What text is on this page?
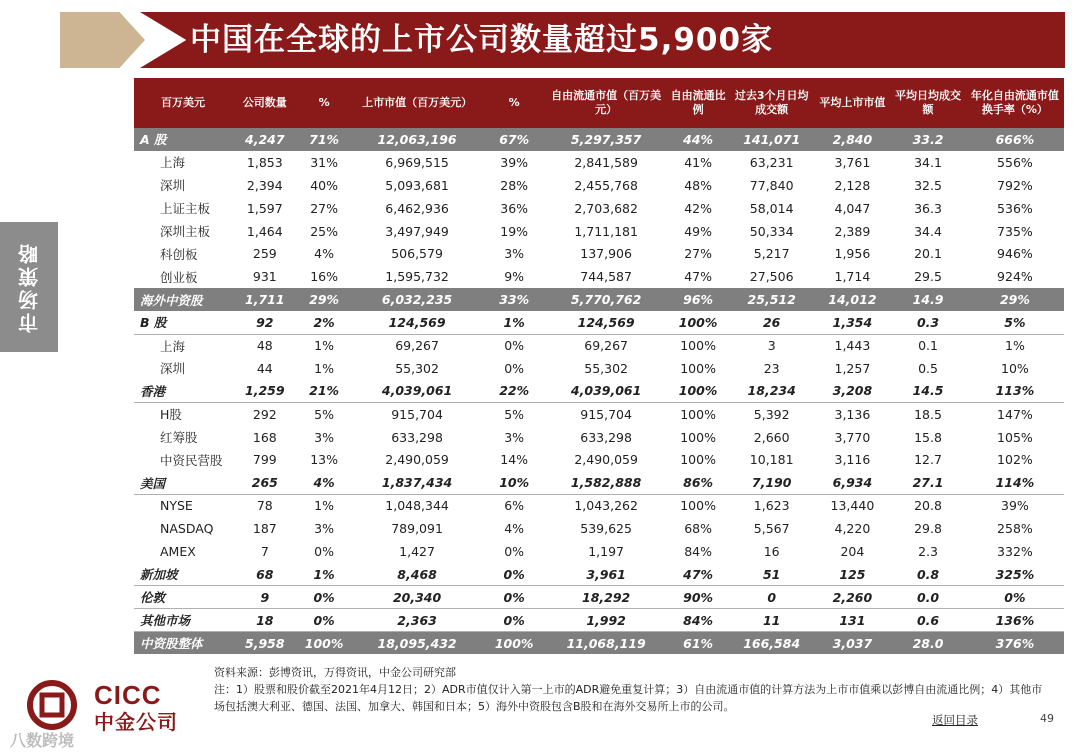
中国在全球的上市公司数量超过5,900家
市场策略
百万美元	公司数量	%	上市市值（百万美元）	%	自由流通市值（百万美元）	自由流通比例	过去3个月日均成交额	平均上市市值	平均日均成交额	年化自由流通市值换手率（%）
A 股	4,247	71%	12,063,196	67%	5,297,357	44%	141,071	2,840	33.2	666%
上海	1,853	31%	6,969,515	39%	2,841,589	41%	63,231	3,761	34.1	556%
深圳	2,394	40%	5,093,681	28%	2,455,768	48%	77,840	2,128	32.5	792%
上证主板	1,597	27%	6,462,936	36%	2,703,682	42%	58,014	4,047	36.3	536%
深圳主板	1,464	25%	3,497,949	19%	1,711,181	49%	50,334	2,389	34.4	735%
科创板	259	4%	506,579	3%	137,906	27%	5,217	1,956	20.1	946%
创业板	931	16%	1,595,732	9%	744,587	47%	27,506	1,714	29.5	924%
海外中资股	1,711	29%	6,032,235	33%	5,770,762	96%	25,512	14,012	14.9	29%
B 股	92	2%	124,569	1%	124,569	100%	26	1,354	0.3	5%
上海	48	1%	69,267	0%	69,267	100%	3	1,443	0.1	1%
深圳	44	1%	55,302	0%	55,302	100%	23	1,257	0.5	10%
香港	1,259	21%	4,039,061	22%	4,039,061	100%	18,234	3,208	14.5	113%
H股	292	5%	915,704	5%	915,704	100%	5,392	3,136	18.5	147%
红筹股	168	3%	633,298	3%	633,298	100%	2,660	3,770	15.8	105%
中资民营股	799	13%	2,490,059	14%	2,490,059	100%	10,181	3,116	12.7	102%
美国	265	4%	1,837,434	10%	1,582,888	86%	7,190	6,934	27.1	114%
NYSE	78	1%	1,048,344	6%	1,043,262	100%	1,623	13,440	20.8	39%
NASDAQ	187	3%	789,091	4%	539,625	68%	5,567	4,220	29.8	258%
AMEX	7	0%	1,427	0%	1,197	84%	16	204	2.3	332%
新加坡	68	1%	8,468	0%	3,961	47%	51	125	0.8	325%
伦敦	9	0%	20,340	0%	18,292	90%	0	2,260	0.0	0%
其他市场	18	0%	2,363	0%	1,992	84%	11	131	0.6	136%
中资股整体	5,958	100%	18,095,432	100%	11,068,119	61%	166,584	3,037	28.0	376%
资料来源：彭博资讯，万得资讯，中金公司研究部
注：1）股票和股价截至2021年4月12日；2）ADR市值仅计入第一上市的ADR避免重复计算；3）自由流通市值的计算方法为上市市值乘以彭博自由流通比例；4）其他市场包括澳大利亚、德国、法国、加拿大、韩国和日本；5）海外中资股包含B股和在海外交易所上市的公司。
返回目录	49
CICC
中金公司
八数跨境
